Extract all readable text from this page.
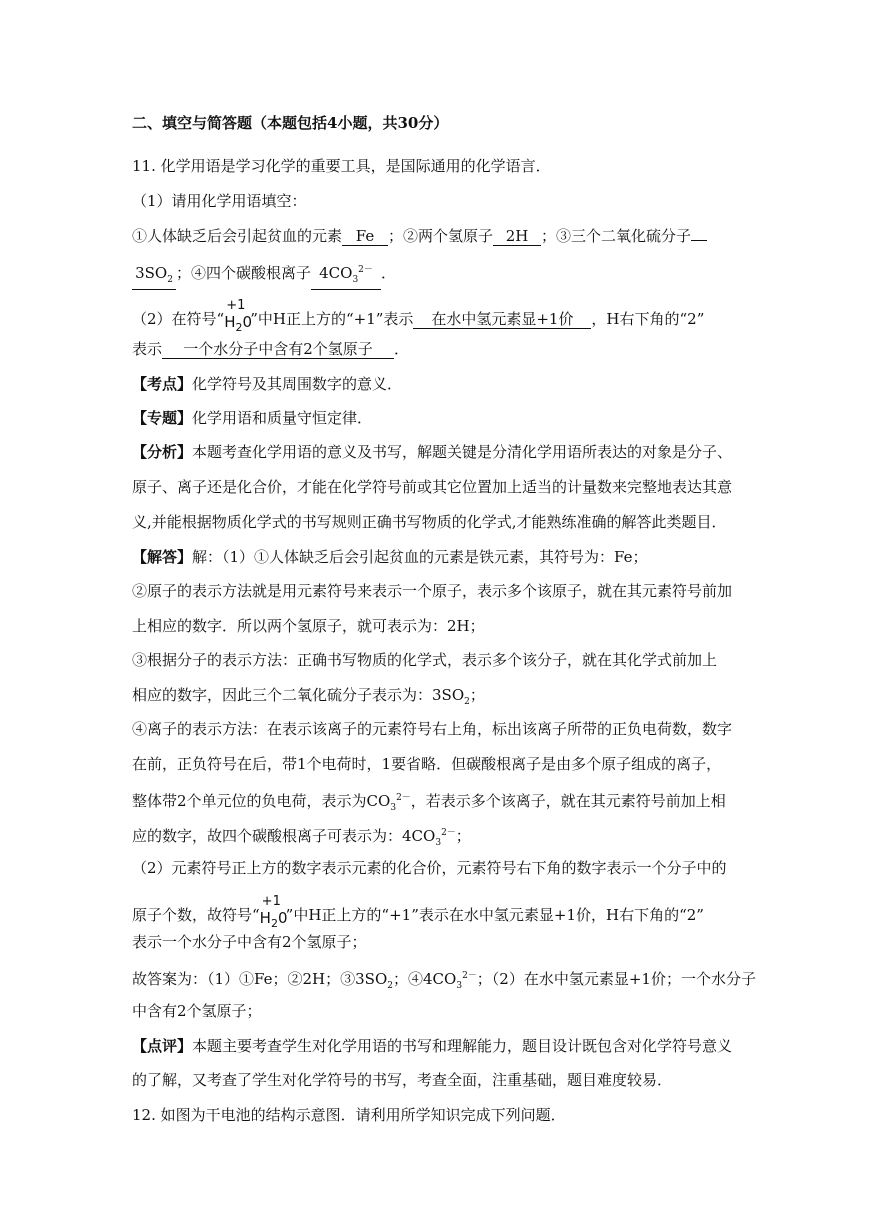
二、填空与简答题（本题包括4小题，共30分）
11. 化学用语是学习化学的重要工具，是国际通用的化学语言．
（1）请用化学用语填空：
①人体缺乏后会引起贫血的元素 Fe ；②两个氢原子 2H ；③三个二氧化硫分子
$3SO_2$ ；④四个碳酸根离子 $4CO_3^{2-}$ ．
（2）在符号“
+1
$H_20$
”中H正上方的“+1”表示 在水中氢元素显+1价 ，H右下角的“2”
表示 一个水分子中含有2个氢原子 ．
【考点】化学符号及其周围数字的意义．
【专题】化学用语和质量守恒定律．
【分析】本题考查化学用语的意义及书写，解题关键是分清化学用语所表达的对象是分子、
原子、离子还是化合价，才能在化学符号前或其它位置加上适当的计量数来完整地表达其意
义,并能根据物质化学式的书写规则正确书写物质的化学式,才能熟练准确的解答此类题目．
【解答】解：（1）①人体缺乏后会引起贫血的元素是铁元素，其符号为：Fe；
②原子的表示方法就是用元素符号来表示一个原子，表示多个该原子，就在其元素符号前加
上相应的数字．所以两个氢原子，就可表示为：2H；
③根据分子的表示方法：正确书写物质的化学式，表示多个该分子，就在其化学式前加上
相应的数字，因此三个二氧化硫分子表示为：$3SO_2$；
④离子的表示方法：在表示该离子的元素符号右上角，标出该离子所带的正负电荷数，数字
在前，正负符号在后，带1个电荷时，1要省略．但碳酸根离子是由多个原子组成的离子，
整体带2个单元位的负电荷，表示为$CO_3^{2-}$，若表示多个该离子，就在其元素符号前加上相
应的数字，故四个碳酸根离子可表示为：$4CO_3^{2-}$；
（2）元素符号正上方的数字表示元素的化合价，元素符号右下角的数字表示一个分子中的
原子个数，故符号“
+1
$H_20$
”中H正上方的“+1”表示在水中氢元素显+1价，H右下角的“2”
表示一个水分子中含有2个氢原子；
故答案为：（1）①Fe；②2H；$③3SO_2$；$④4CO_3^{2-}$；（2）在水中氢元素显+1价；一个水分子
中含有2个氢原子；
【点评】本题主要考查学生对化学用语的书写和理解能力，题目设计既包含对化学符号意义
的了解，又考查了学生对化学符号的书写，考查全面，注重基础，题目难度较易．
12. 如图为干电池的结构示意图．请利用所学知识完成下列问题．
